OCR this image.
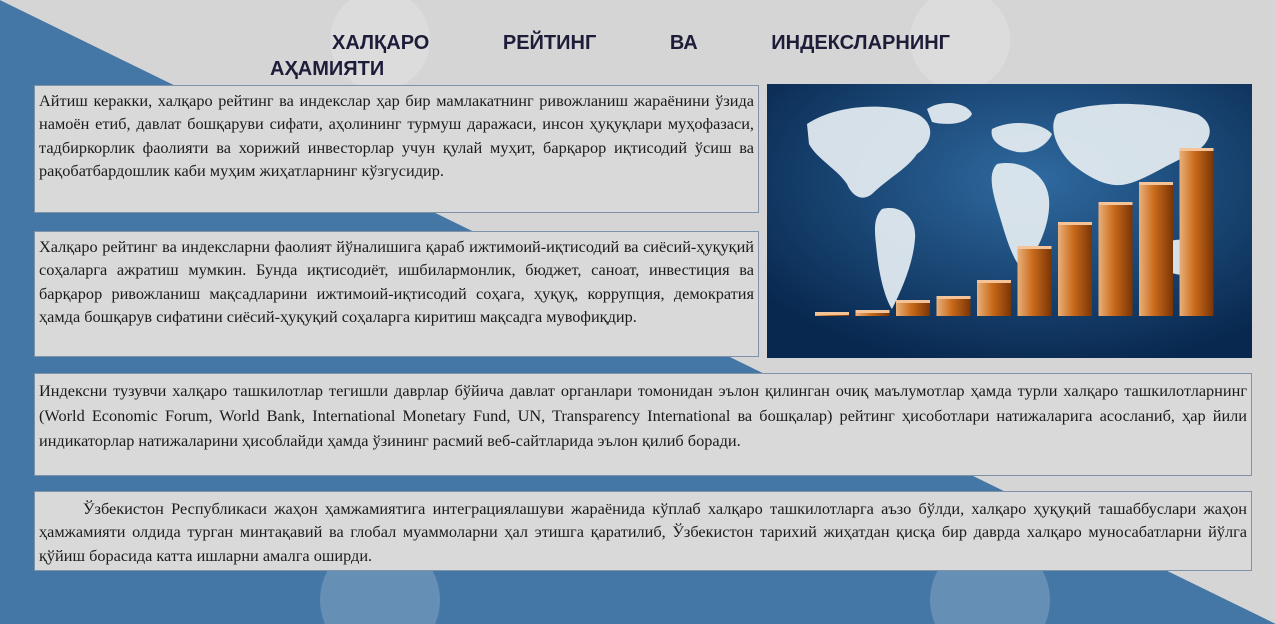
ХАЛҚАРО	РЕЙТИНГ	ВА	ИНДЕКСЛАРНИНГ
АҲАМИЯТИ
Айтиш керакки, халқаро рейтинг ва индекслар ҳар бир мамлакатнинг ривожланиш жараёнини ўзида намоён етиб, давлат бошқаруви сифати, аҳолининг турмуш даражаси, инсон ҳуқуқлари муҳофазаси, тадбиркорлик фаолияти ва хорижий инвесторлар учун қулай муҳит, барқарор иқтисодий ўсиш ва рақобатбардошлик каби муҳим жиҳатларнинг кўзгусидир.
Халқаро рейтинг ва индексларни фаолият йўналишига қараб ижтимоий-иқтисодий ва сиёсий-ҳуқуқий соҳаларга ажратиш мумкин. Бунда иқтисодиёт, ишбилармонлик, бюджет, саноат, инвестиция ва барқарор ривожланиш мақсадларини ижтимоий-иқтисодий соҳага, ҳуқуқ, коррупция, демократия ҳамда бошқарув сифатини сиёсий-ҳуқуқий соҳаларга киритиш мақсадга мувофиқдир.
Индексни тузувчи халқаро ташкилотлар тегишли даврлар бўйича давлат органлари томонидан эълон қилинган очиқ маълумотлар ҳамда турли халқаро ташкилотларнинг (World Economic Forum, World Bank, International Monetary Fund, UN, Transparency International ва бошқалар) рейтинг ҳисоботлари натижаларига асосланиб, ҳар йили индикаторлар натижаларини ҳисоблайди ҳамда ўзининг расмий веб-сайтларида эълон қилиб боради.
Ўзбекистон Республикаси жаҳон ҳамжамиятига интеграциялашуви жараёнида кўплаб халқаро ташкилотларга аъзо бўлди, халқаро ҳуқуқий ташаббуслари жаҳон ҳамжамияти олдида турган минтақавий ва глобал муаммоларни ҳал этишга қаратилиб, Ўзбекистон тарихий жиҳатдан қисқа бир даврда халқаро муносабатларни йўлга қўйиш борасида катта ишларни амалга оширди.
